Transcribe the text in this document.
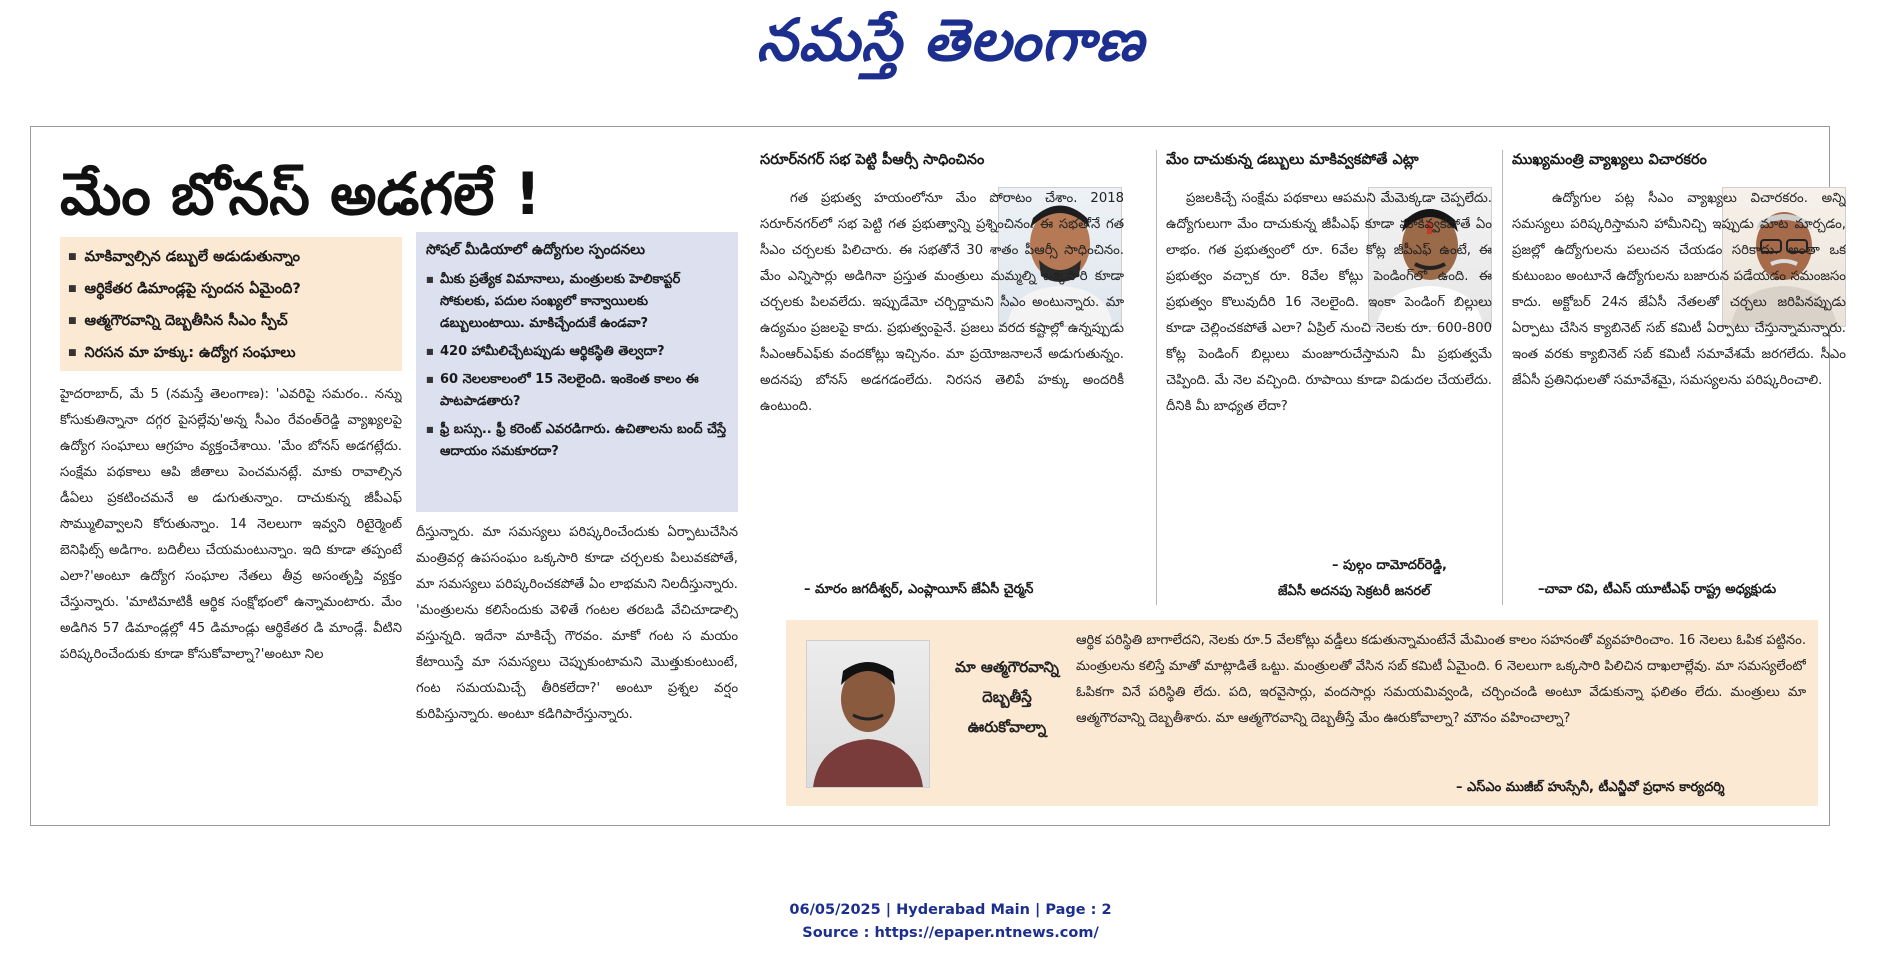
నమస్తే తెలంగాణ
మేం బోనస్ అడగలే !
■ మాకివ్వాల్సిన డబ్బులే అడుడుతున్నాం
■ ఆర్థికేతర డిమాండ్లపై స్పందన ఏమైంది?
■ ఆత్మగౌరవాన్ని దెబ్బతీసిన సీఎం స్పీచ్
■ నిరసన మా హక్కు: ఉద్యోగ సంఘాలు
సోషల్ మీడియాలో ఉద్యోగుల స్పందనలు
■ మీకు ప్రత్యేక విమానాలు, మంత్రులకు హెలికాప్టర్ సోకులకు, పదుల సంఖ్యలో కాన్వాయిలకు డబ్బులుంటాయి. మాకిచ్చేందుకే ఉండవా?
■ 420 హామీలిచ్చేటప్పుడు ఆర్థికస్థితి తెల్వదా?
■ 60 నెలలకాలంలో 15 నెలలైంది. ఇంకెంత కాలం ఈ పాటపాడతారు?
■ ఫ్రీ బస్సు.. ఫ్రీ కరెంట్ ఎవరడిగారు. ఉచితాలను బంద్ చేస్తే ఆదాయం సమకూరదా?
హైదరాబాద్, మే 5 (నమస్తే తెలంగాణ): 'ఎవరిపై సమరం.. నన్ను కోసుకుతిన్నానా దగ్గర పైసల్లేవు'అన్న సీఎం రేవంత్‌రెడ్డి వ్యాఖ్యలపై ఉద్యోగ సంఘాలు ఆగ్రహం వ్యక్తంచేశాయి. 'మేం బోనస్ అడగట్లేదు. సంక్షేమ పథకాలు ఆపి జీతాలు పెంచమనట్లే. మాకు రావాల్సిన డీఏలు ప్రకటించమనే అ డుగుతున్నాం. దాచుకున్న జీపీఎఫ్ సొమ్ములివ్వాలని కోరుతున్నాం. 14 నెలలుగా ఇవ్వని రిటైర్మెంట్ బెనిఫిట్స్ అడిగాం. బదిలీలు చేయమంటున్నాం. ఇది కూడా తప్పంటే ఎలా?'అంటూ ఉద్యోగ సంఘాల నేతలు తీవ్ర అసంతృప్తి వ్యక్తం చేస్తున్నారు. 'మాటిమాటికీ ఆర్థిక సంక్షోభంలో ఉన్నామంటారు. మేం అడిగిన 57 డిమాండ్లల్లో 45 డిమాండ్లు ఆర్థికేతర డి మాండ్లే. వీటిని పరిష్కరించేందుకు కూడా కోసుకోవాల్నా?'అంటూ నిల
దీస్తున్నారు. మా సమస్యలు పరిష్కరించేందుకు ఏర్పాటుచేసిన మంత్రివర్గ ఉపసంఘం ఒక్కసారి కూడా చర్చలకు పిలువకపోతే, మా సమస్యలు పరిష్కరించకపోతే ఏం లాభమని నిలదీస్తున్నారు. 'మంత్రులను కలిసేందుకు వెళితే గంటల తరబడి వేచిచూడాల్సి వస్తున్నది. ఇదేనా మాకిచ్చే గౌరవం. మాకో గంట స మయం కేటాయిస్తే మా సమస్యలు చెప్పుకుంటామని మొత్తుకుంటుంటే, గంట సమయమిచ్చే తీరికలేదా?' అంటూ ప్రశ్నల వర్షం కురిపిస్తున్నారు. అంటూ కడిగిపారేస్తున్నారు.
సరూర్‌నగర్ సభ పెట్టి పీఆర్సీ సాధించినం
గత ప్రభుత్వ హయంలోనూ మేం పోరాటం చేశాం. 2018 సరూర్‌నగర్‌లో సభ పెట్టి గత ప్రభుత్వాన్ని ప్రశ్నించినం. ఈ సభతోనే గత సీఎం చర్చలకు పిలిచారు. ఈ సభతోనే 30 శాతం పీఆర్సీ సాధించినం. మేం ఎన్నిసార్లు అడిగినా ప్రస్తుత మంత్రులు మమ్మల్ని ఒక్కసారి కూడా చర్చలకు పిలవలేదు. ఇప్పుడేమో చర్చిద్దామని సీఎం అంటున్నారు. మా ఉద్యమం ప్రజలపై కాదు. ప్రభుత్వంపైనే. ప్రజలు వరద కష్టాల్లో ఉన్నప్పుడు సీఎంఆర్ఎఫ్‌కు వందకోట్లు ఇచ్చినం. మా ప్రయోజనాలనే అడుగుతున్నం. అదనపు బోనస్ అడగడంలేదు. నిరసన తెలిపే హక్కు అందరికీ ఉంటుంది.
– మారం జగదీశ్వర్, ఎంప్లాయీస్ జేఏసీ చైర్మన్
మేం దాచుకున్న డబ్బులు మాకివ్వకపోతే ఎట్లా
ప్రజలకిచ్చే సంక్షేమ పథకాలు ఆపమని మేమెక్కడా చెప్పలేదు. ఉద్యోగులుగా మేం దాచుకున్న జీపీఎఫ్ కూడా మాకివ్వకపోతే ఏం లాభం. గత ప్రభుత్వంలో రూ. 6వేల కోట్ల జీపీఎఫ్ ఉంటే, ఈ ప్రభుత్వం వచ్చాక రూ. 8వేల కోట్లు పెండింగ్‌లో ఉంది. ఈ ప్రభుత్వం కొలువుదీరి 16 నెలలైంది. ఇంకా పెండింగ్ బిల్లులు కూడా చెల్లించకపోతే ఎలా? ఏప్రిల్ నుంచి నెలకు రూ. 600-800 కోట్ల పెండింగ్ బిల్లులు మంజూరుచేస్తామని మీ ప్రభుత్వమే చెప్పింది. మే నెల వచ్చింది. రూపాయి కూడా విడుదల చేయలేదు. దీనికి మీ బాధ్యత లేదా?
– పుల్గం దామోదర్‌రెడ్డి,
జేఏసీ అదనపు సెక్రటరీ జనరల్
ముఖ్యమంత్రి వ్యాఖ్యలు విచారకరం
ఉద్యోగుల పట్ల సీఎం వ్యాఖ్యలు విచారకరం. అన్ని సమస్యలు పరిష్కరిస్తామని హామీనిచ్చి ఇప్పుడు మాట మార్చడం, ప్రజల్లో ఉద్యోగులను పలుచన చేయడం సరికాదు. అంతా ఒక కుటుంబం అంటూనే ఉద్యోగులను బజారున పడేయడం సమంజసం కాదు. అక్టోబర్ 24న జేఏసీ నేతలతో చర్చలు జరిపినప్పుడు ఏర్పాటు చేసిన క్యాబినెట్ సబ్ కమిటీ ఏర్పాటు చేస్తున్నామన్నారు. ఇంత వరకు క్యాబినెట్ సబ్ కమిటీ సమావేశమే జరగలేదు. సీఎం జేఏసీ ప్రతినిధులతో సమావేశమై, సమస్యలను పరిష్కరించాలి.
–చావా రవి, టీఎస్ యూటీఎఫ్ రాష్ట్ర అధ్యక్షుడు
మా ఆత్మగౌరవాన్ని దెబ్బతీస్తే ఊరుకోవాల్నా
ఆర్థిక పరిస్థితి బాగాలేదని, నెలకు రూ.5 వేలకోట్లు వడ్డీలు కడుతున్నామంటేనే మేమింత కాలం సహనంతో వ్యవహరించాం. 16 నెలలు ఓపిక పట్టినం. మంత్రులను కలిస్తే మాతో మాట్లాడితే ఒట్టు. మంత్రులతో వేసిన సబ్ కమిటీ ఏమైంది. 6 నెలలుగా ఒక్కసారి పిలిచిన దాఖలాల్లేవు. మా సమస్యలేంటో ఓపికగా వినే పరిస్థితి లేదు. పది, ఇరవైసార్లు, వందసార్లు సమయమివ్వండి, చర్చించండి అంటూ వేడుకున్నా ఫలితం లేదు. మంత్రులు మా ఆత్మగౌరవాన్ని దెబ్బతీశారు. మా ఆత్మగౌరవాన్ని దెబ్బతీస్తే మేం ఊరుకోవాల్నా? మౌనం వహించాల్నా?
– ఎస్ఎం ముజీబ్ హుస్సేనీ, టీఎన్జీవో ప్రధాన కార్యదర్శి
06/05/2025 | Hyderabad Main | Page : 2
Source : https://epaper.ntnews.com/
